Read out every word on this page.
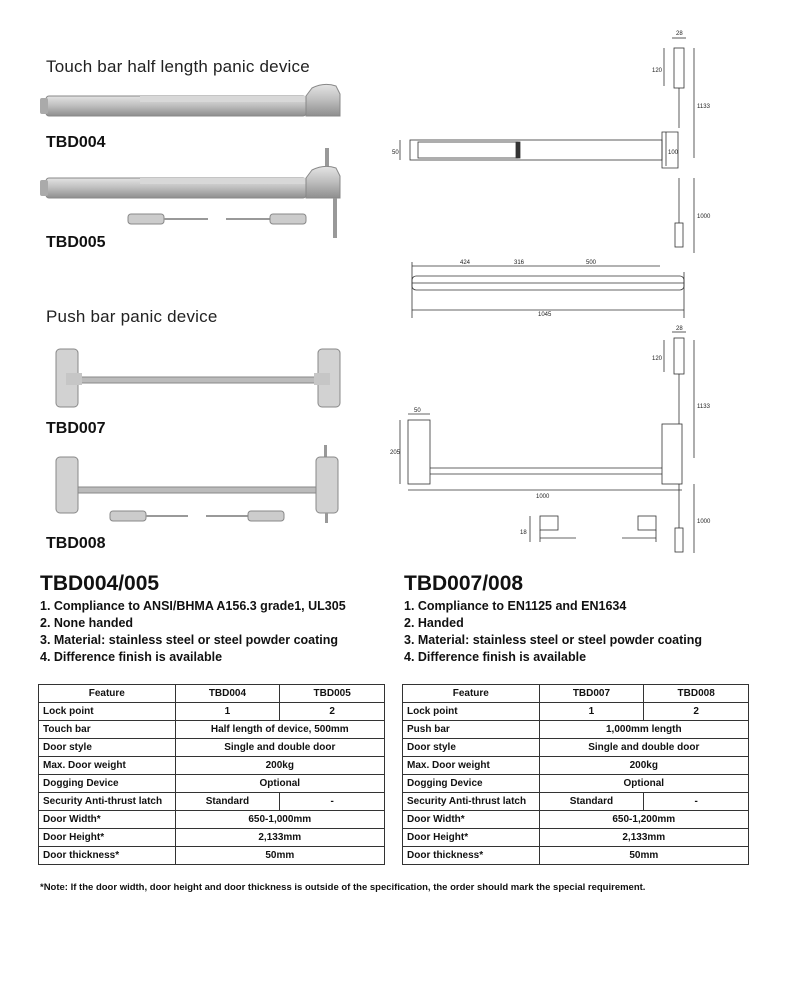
Touch bar half length panic device
TBD004
TBD005
Push bar panic device
TBD007
TBD008
28
120
1133
50	100
1000
424	316	500
1045
28
120
1133
50
205
1000
1000
18
TBD004/005
1. Compliance to ANSI/BHMA A156.3 grade1, UL305
2. None handed
3. Material: stainless steel or steel powder coating
4. Difference finish is available
TBD007/008
1. Compliance to EN1125 and EN1634
2. Handed
3. Material: stainless steel or steel powder coating
4. Difference finish is available
Feature	TBD004	TBD005
Lock point	1	2
Touch bar	Half length of device, 500mm	
Door style	Single and double door	
Max. Door weight	200kg	
Dogging Device	Optional	
Security Anti-thrust latch	Standard	-
Door Width*	650-1,000mm	
Door Height*	2,133mm	
Door thickness*	50mm	
Feature	TBD007	TBD008
Lock point	1	2
Push bar	1,000mm length	
Door style	Single and double door	
Max. Door weight	200kg	
Dogging Device	Optional	
Security Anti-thrust latch	Standard	-
Door Width*	650-1,200mm	
Door Height*	2,133mm	
Door thickness*	50mm	
*Note: If the door width, door height and door thickness is outside of the specification, the order should mark the special requirement.
